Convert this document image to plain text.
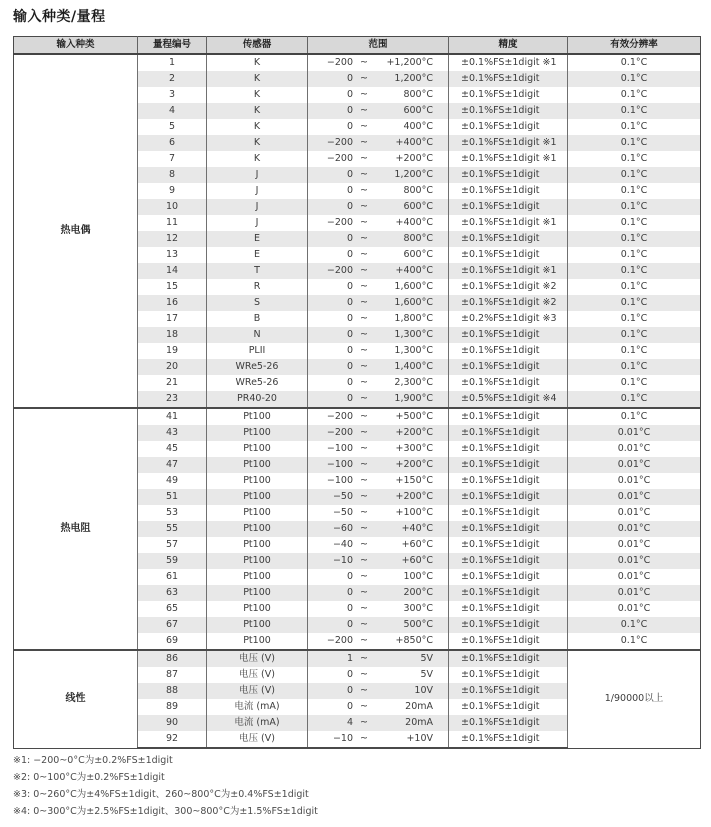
输入种类/量程
输入种类	量程编号	传感器	范围	精度	有效分辨率
热电偶	1	K	−200 ~ +1,200°C	±0.1%FS±1digit ※1	0.1°C
	2	K	0 ~ 1,200°C	±0.1%FS±1digit	0.1°C
	3	K	0 ~ 800°C	±0.1%FS±1digit	0.1°C
	4	K	0 ~ 600°C	±0.1%FS±1digit	0.1°C
	5	K	0 ~ 400°C	±0.1%FS±1digit	0.1°C
	6	K	−200 ~ +400°C	±0.1%FS±1digit ※1	0.1°C
	7	K	−200 ~ +200°C	±0.1%FS±1digit ※1	0.1°C
	8	J	0 ~ 1,200°C	±0.1%FS±1digit	0.1°C
	9	J	0 ~ 800°C	±0.1%FS±1digit	0.1°C
	10	J	0 ~ 600°C	±0.1%FS±1digit	0.1°C
	11	J	−200 ~ +400°C	±0.1%FS±1digit ※1	0.1°C
	12	E	0 ~ 800°C	±0.1%FS±1digit	0.1°C
	13	E	0 ~ 600°C	±0.1%FS±1digit	0.1°C
	14	T	−200 ~ +400°C	±0.1%FS±1digit ※1	0.1°C
	15	R	0 ~ 1,600°C	±0.1%FS±1digit ※2	0.1°C
	16	S	0 ~ 1,600°C	±0.1%FS±1digit ※2	0.1°C
	17	B	0 ~ 1,800°C	±0.2%FS±1digit ※3	0.1°C
	18	N	0 ~ 1,300°C	±0.1%FS±1digit	0.1°C
	19	PLII	0 ~ 1,300°C	±0.1%FS±1digit	0.1°C
	20	WRe5-26	0 ~ 1,400°C	±0.1%FS±1digit	0.1°C
	21	WRe5-26	0 ~ 2,300°C	±0.1%FS±1digit	0.1°C
	23	PR40-20	0 ~ 1,900°C	±0.5%FS±1digit ※4	0.1°C
热电阻	41	Pt100	−200 ~ +500°C	±0.1%FS±1digit	0.1°C
	43	Pt100	−200 ~ +200°C	±0.1%FS±1digit	0.01°C
	45	Pt100	−100 ~ +300°C	±0.1%FS±1digit	0.01°C
	47	Pt100	−100 ~ +200°C	±0.1%FS±1digit	0.01°C
	49	Pt100	−100 ~ +150°C	±0.1%FS±1digit	0.01°C
	51	Pt100	−50 ~ +200°C	±0.1%FS±1digit	0.01°C
	53	Pt100	−50 ~ +100°C	±0.1%FS±1digit	0.01°C
	55	Pt100	−60 ~ +40°C	±0.1%FS±1digit	0.01°C
	57	Pt100	−40 ~ +60°C	±0.1%FS±1digit	0.01°C
	59	Pt100	−10 ~ +60°C	±0.1%FS±1digit	0.01°C
	61	Pt100	0 ~ 100°C	±0.1%FS±1digit	0.01°C
	63	Pt100	0 ~ 200°C	±0.1%FS±1digit	0.01°C
	65	Pt100	0 ~ 300°C	±0.1%FS±1digit	0.01°C
	67	Pt100	0 ~ 500°C	±0.1%FS±1digit	0.1°C
	69	Pt100	−200 ~ +850°C	±0.1%FS±1digit	0.1°C
线性	86	电压 (V)	1 ~ 5V	±0.1%FS±1digit	1/90000以上
	87	电压 (V)	0 ~ 5V	±0.1%FS±1digit	
	88	电压 (V)	0 ~ 10V	±0.1%FS±1digit	
	89	电流 (mA)	0 ~ 20mA	±0.1%FS±1digit	
	90	电流 (mA)	4 ~ 20mA	±0.1%FS±1digit	
	92	电压 (V)	−10 ~ +10V	±0.1%FS±1digit	
※1: −200~0°C为±0.2%FS±1digit
※2: 0~100°C为±0.2%FS±1digit
※3: 0~260°C为±4%FS±1digit、260~800°C为±0.4%FS±1digit
※4: 0~300°C为±2.5%FS±1digit、300~800°C为±1.5%FS±1digit
